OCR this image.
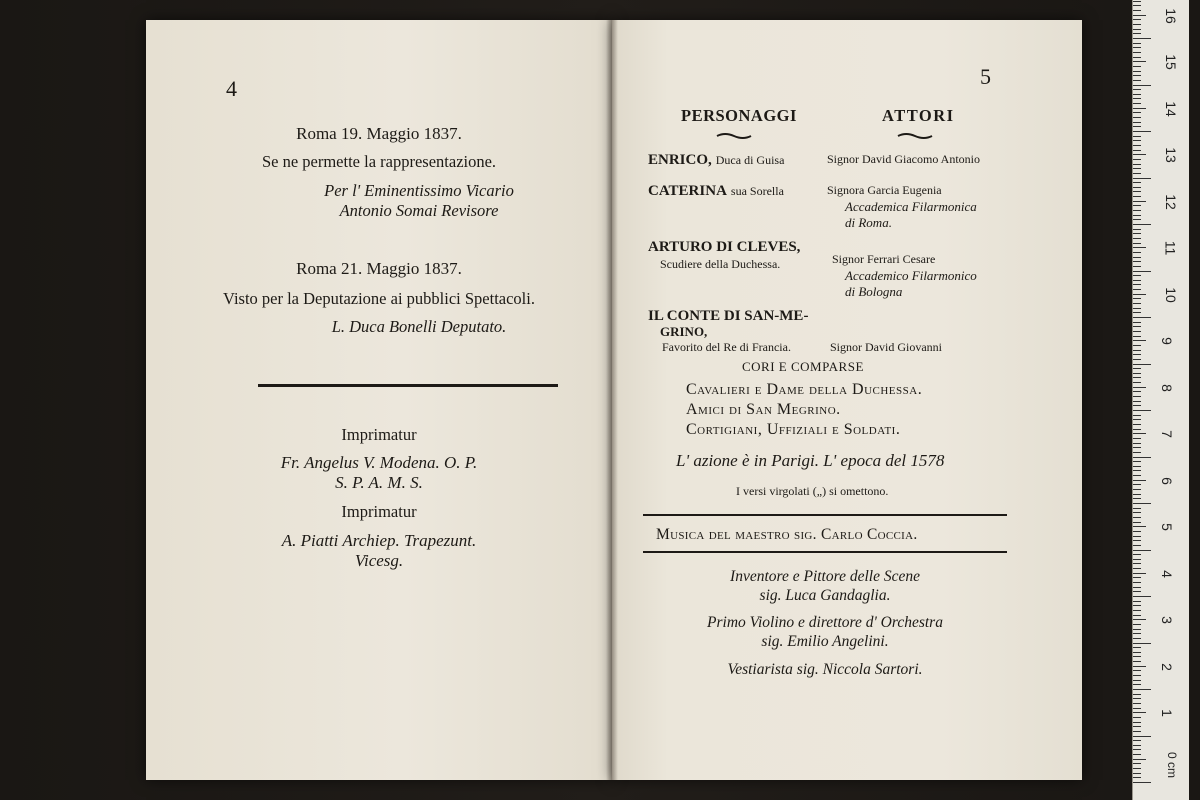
4
Roma 19. Maggio 1837.
Se ne permette la rappresentazione.
Per l' Eminentissimo Vicario
Antonio Somai Revisore
Roma 21. Maggio 1837.
Visto per la Deputazione ai pubblici Spettacoli.
L. Duca Bonelli Deputato.
Imprimatur
Fr. Angelus V. Modena. O. P.
S. P. A. M. S.
Imprimatur
A. Piatti Archiep. Trapezunt.
Vicesg.
5
PERSONAGGI	ATTORI
ENRICO, Duca di Guisa	Signor David Giacomo Antonio
CATERINA sua Sorella	Signora Garcia Eugenia
Accademica Filarmonica
di Roma.
ARTURO DI CLEVES,
Scudiere della Duchessa.	Signor Ferrari Cesare
Accademico Filarmonico
di Bologna
IL CONTE DI SAN-ME-
GRINO,
Favorito del Re di Francia.	Signor David Giovanni
CORI E COMPARSE
Cavalieri e Dame della Duchessa.
Amici di San Megrino.
Cortigiani, Uffiziali e Soldati.
L' azione è in Parigi. L' epoca del 1578
I versi virgolati („) si omettono.
Musica del maestro sig. Carlo Coccia.
Inventore e Pittore delle Scene
sig. Luca Gandaglia.
Primo Violino e direttore d' Orchestra
sig. Emilio Angelini.
Vestiarista sig. Niccola Sartori.
16
15
14
13
12
11
10
9
8
7
6
5
4
3
2
1
0 cm
